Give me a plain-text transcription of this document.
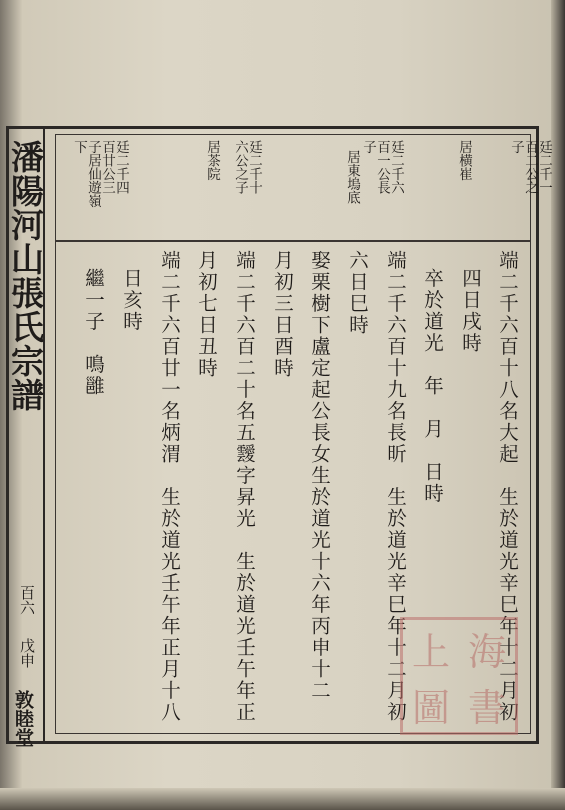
潘陽河山張氏宗譜
百六
戊申
敦睦堂
廷二千一
百二公之
子
居横崔
廷二千六
百一公長
子
居東塢底
廷二千十
六公之子
居茶院
廷二千四
百廿公三
子居仙遊嶺
下
端二千六百十八名大起　生於道光辛巳年十二月初
四日戌時
卒於道光　年　月　日時
端二千六百十九名長昕　生於道光辛巳年十二月初
六日巳時
娶栗樹下盧定起公長女生於道光十六年丙申十二
月初三日酉時
端二千六百二十名五靉字昇光　生於道光壬午年正
月初七日丑時
端二千六百廿一名炳渭　生於道光壬午年正月十八
日亥時
繼一子　鳴雝
上 海
圖 書
